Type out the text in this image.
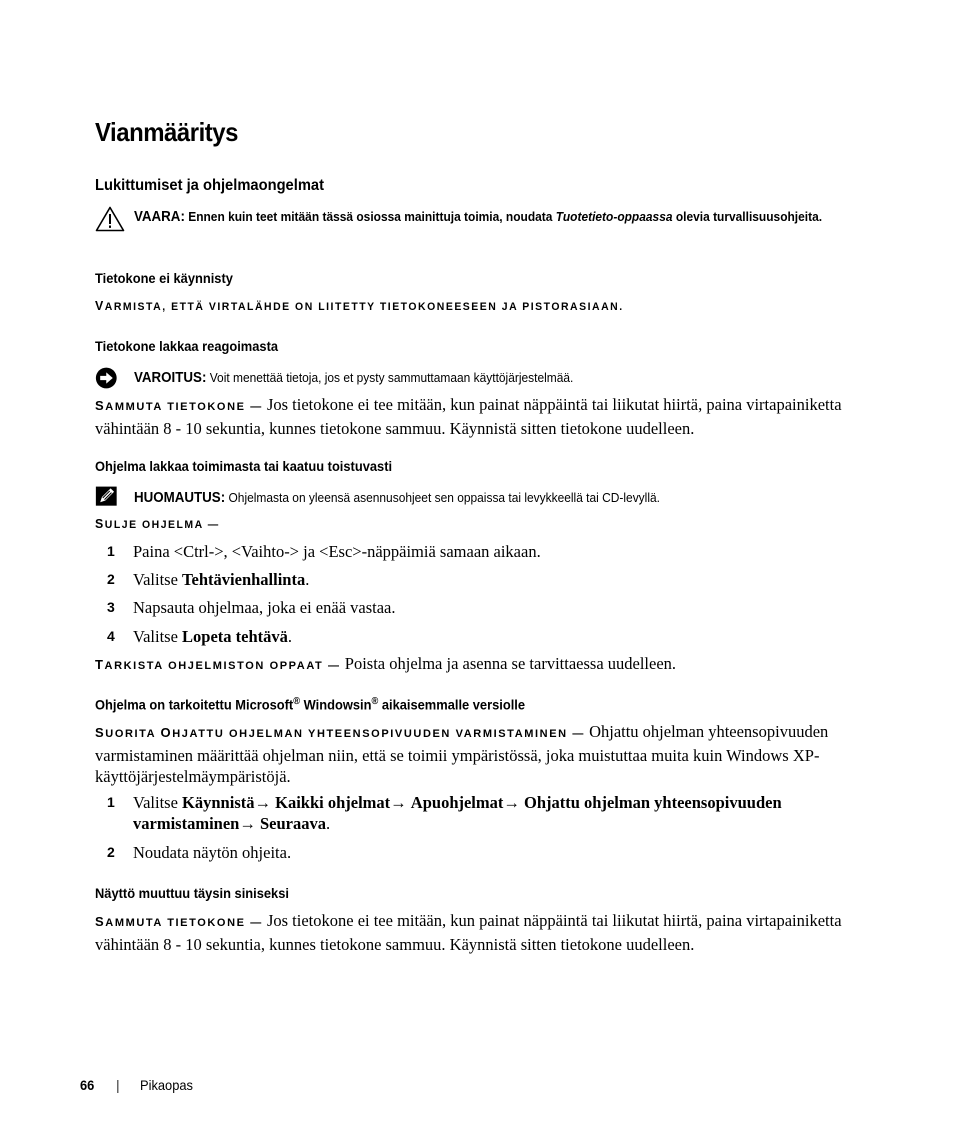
Vianmääritys
Lukittumiset ja ohjelmaongelmat
VAARA: Ennen kuin teet mitään tässä osiossa mainittuja toimia, noudata Tuotetieto-oppaassa olevia turvallisuusohjeita.
Tietokone ei käynnisty
VARMISTA, ETTÄ VIRTALÄHDE ON LIITETTY TIETOKONEESEEN JA PISTORASIAAN.
Tietokone lakkaa reagoimasta
VAROITUS: Voit menettää tietoja, jos et pysty sammuttamaan käyttöjärjestelmää.
SAMMUTA TIETOKONE — Jos tietokone ei tee mitään, kun painat näppäintä tai liikutat hiirtä, paina virtapainiketta vähintään 8 - 10 sekuntia, kunnes tietokone sammuu. Käynnistä sitten tietokone uudelleen.
Ohjelma lakkaa toimimasta tai kaatuu toistuvasti
HUOMAUTUS: Ohjelmasta on yleensä asennusohjeet sen oppaissa tai levykkeellä tai CD-levyllä.
SULJE OHJELMA —
1 Paina <Ctrl->, <Vaihto-> ja <Esc>-näppäimiä samaan aikaan.
2 Valitse Tehtävienhallinta.
3 Napsauta ohjelmaa, joka ei enää vastaa.
4 Valitse Lopeta tehtävä.
TARKISTA OHJELMISTON OPPAAT — Poista ohjelma ja asenna se tarvittaessa uudelleen.
Ohjelma on tarkoitettu Microsoft® Windowsin® aikaisemmalle versiolle
SUORITA OHJATTU OHJELMAN YHTEENSOPIVUUDEN VARMISTAMINEN — Ohjattu ohjelman yhteensopivuuden varmistaminen määrittää ohjelman niin, että se toimii ympäristössä, joka muistuttaa muita kuin Windows XP-käyttöjärjestelmäympäristöjä.
1 Valitse Käynnistä→ Kaikki ohjelmat→ Apuohjelmat→ Ohjattu ohjelman yhteensopivuuden varmistaminen→ Seuraava.
2 Noudata näytön ohjeita.
Näyttö muuttuu täysin siniseksi
SAMMUTA TIETOKONE — Jos tietokone ei tee mitään, kun painat näppäintä tai liikutat hiirtä, paina virtapainiketta vähintään 8 - 10 sekuntia, kunnes tietokone sammuu. Käynnistä sitten tietokone uudelleen.
66 | Pikaopas
